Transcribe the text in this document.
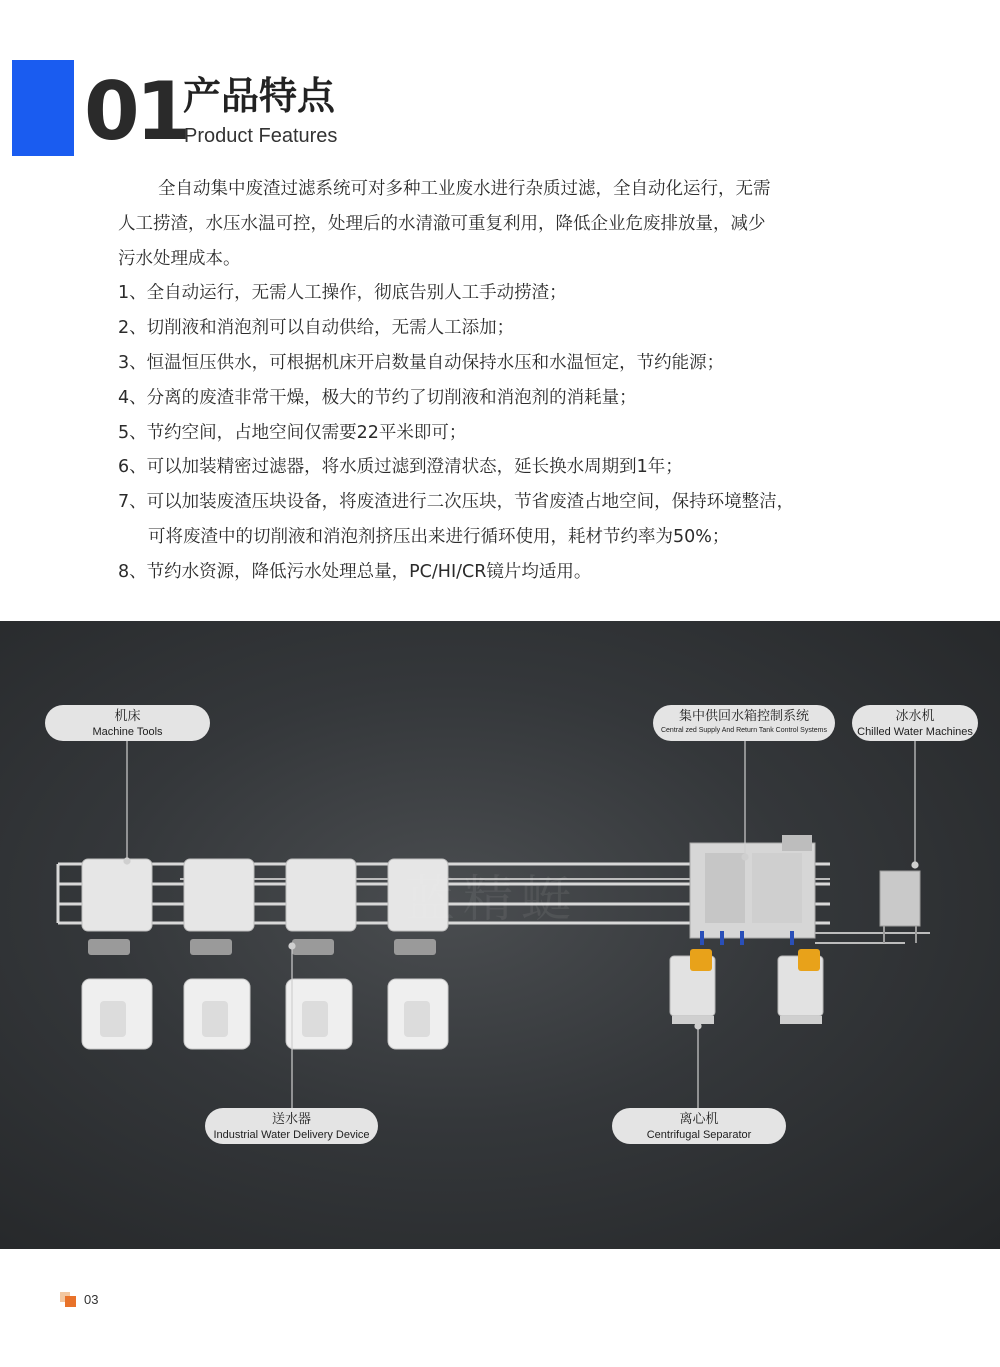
01
产品特点
Product Features

全自动集中废渣过滤系统可对多种工业废水进行杂质过滤，全自动化运行，无需

人工捞渣，水压水温可控，处理后的水清澈可重复利用，降低企业危废排放量，减少

污水处理成本。

1、全自动运行，无需人工操作，彻底告别人工手动捞渣；

2、切削液和消泡剂可以自动供给，无需人工添加；

3、恒温恒压供水，可根据机床开启数量自动保持水压和水温恒定，节约能源；

4、分离的废渣非常干燥，极大的节约了切削液和消泡剂的消耗量；

5、节约空间，占地空间仅需要22平米即可；

6、可以加装精密过滤器，将水质过滤到澄清状态，延长换水周期到1年；

7、可以加装废渣压块设备，将废渣进行二次压块，节省废渣占地空间，保持环境整洁，

可将废渣中的切削液和消泡剂挤压出来进行循环使用，耗材节约率为50%；

8、节约水资源，降低污水处理总量，PC/HI/CR镜片均适用。

蓝精蜓
机床
Machine Tools
集中供回水箱控制系统
Central zed Supply And Return Tank Control Systems
冰水机
Chilled Water Machines
送水器
Industrial Water Delivery Device
离心机
Centrifugal Separator
03
